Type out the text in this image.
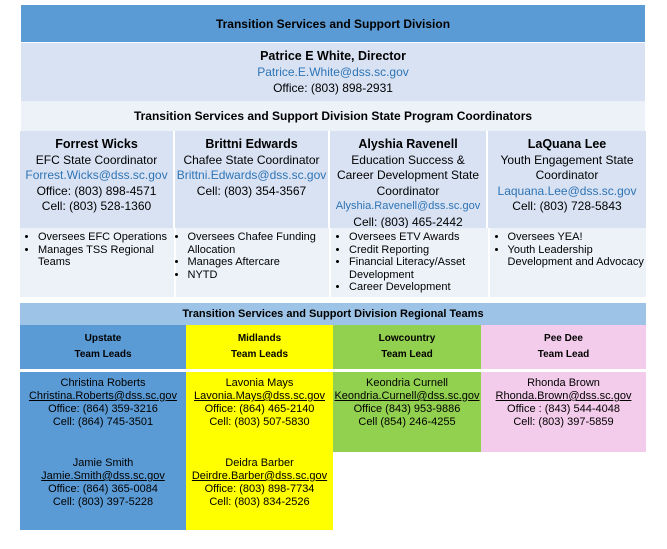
Transition Services and Support Division
Patrice E White, Director
Patrice.E.White@dss.sc.gov
Office: (803) 898-2931
Transition Services and Support Division State Program Coordinators
Forrest Wicks
EFC State Coordinator
Forrest.Wicks@dss.sc.gov
Office: (803) 898-4571
Cell: (803) 528-1360
Brittni Edwards
Chafee State Coordinator
Brittni.Edwards@dss.sc.gov
Cell: (803) 354-3567
Alyshia Ravenell
Education Success & Career Development State Coordinator
Alyshia.Ravenell@dss.sc.gov
Cell: (803) 465-2442
LaQuana Lee
Youth Engagement State Coordinator
Laquana.Lee@dss.sc.gov
Cell: (803) 728-5843
• Oversees EFC Operations
• Manages TSS Regional Teams
• Oversees Chafee Funding Allocation
• Manages Aftercare
• NYTD
• Oversees ETV Awards
• Credit Reporting
• Financial Literacy/Asset Development
• Career Development
• Oversees YEA!
• Youth Leadership Development and Advocacy
Transition Services and Support Division Regional Teams
Upstate
Team Leads
Midlands
Team Leads
Lowcountry
Team Lead
Pee Dee
Team Lead
Christina Roberts
Christina.Roberts@dss.sc.gov
Office: (864) 359-3216
Cell: (864) 745-3501
Lavonia Mays
Lavonia.Mays@dss.sc.gov
Office: (864) 465-2140
Cell: (803) 507-5830
Keondria Curnell
Keondria.Curnell@dss.sc.gov
Office (843) 953-9886
Cell (854) 246-4255
Rhonda Brown
Rhonda.Brown@dss.sc.gov
Office : (843) 544-4048
Cell: (803) 397-5859
Jamie Smith
Jamie.Smith@dss.sc.gov
Office: (864) 365-0084
Cell: (803) 397-5228
Deidra Barber
Deirdre.Barber@dss.sc.gov
Office: (803) 898-7734
Cell: (803) 834-2526
